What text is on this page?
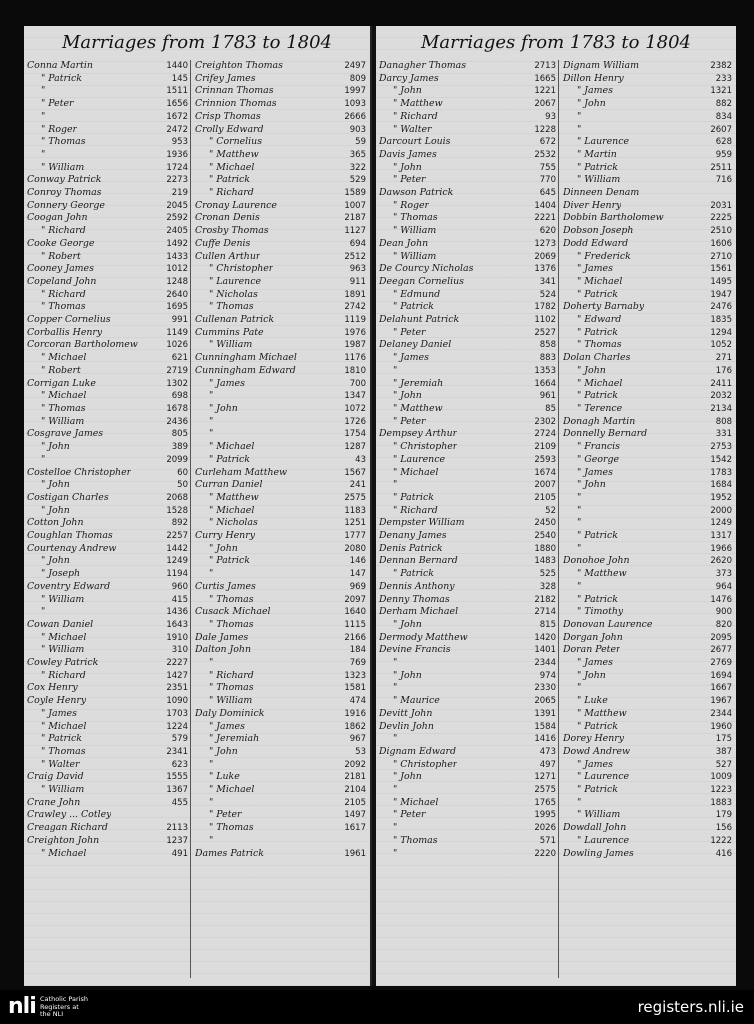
Marriages from 1783 to 1804
Conna Martin	1440
" Patrick	145
"	1511
" Peter	1656
"	1672
" Roger	2472
" Thomas	953
"	1936
" William	1724
Conway Patrick	2273
Conroy Thomas	219
Connery George	2045
Coogan John	2592
" Richard	2405
Cooke George	1492
" Robert	1433
Cooney James	1012
Copeland John	1248
" Richard	2640
" Thomas	1695
Copper Cornelius	991
Corballis Henry	1149
Corcoran Bartholomew	1026
" Michael	621
" Robert	2719
Corrigan Luke	1302
" Michael	698
" Thomas	1678
" William	2436
Cosgrave James	805
" John	389
"	2099
Costelloe Christopher	60
" John	50
Costigan Charles	2068
" John	1528
Cotton John	892
Coughlan Thomas	2257
Courtenay Andrew	1442
" John	1249
" Joseph	1194
Coventry Edward	960
" William	415
"	1436
Cowan Daniel	1643
" Michael	1910
" William	310
Cowley Patrick	2227
" Richard	1427
Cox Henry	2351
Coyle Henry	1090
" James	1703
" Michael	1224
" Patrick	579
" Thomas	2341
" Walter	623
Craig David	1555
" William	1367
Crane John	455
Crawley ... Cotley
Creagan Richard	2113
Creighton John	1237
" Michael	491
Creighton Thomas	2497
Crifey James	809
Crinnan Thomas	1997
Crinnion Thomas	1093
Crisp Thomas	2666
Crolly Edward	903
" Cornelius	59
" Matthew	365
" Michael	322
" Patrick	529
" Richard	1589
Cronay Laurence	1007
Cronan Denis	2187
Crosby Thomas	1127
Cuffe Denis	694
Cullen Arthur	2512
" Christopher	963
" Laurence	911
" Nicholas	1891
" Thomas	2742
Cullenan Patrick	1119
Cummins Pate	1976
" William	1987
Cunningham Michael	1176
Cunningham Edward	1810
" James	700
"	1347
" John	1072
"	1726
"	1754
" Michael	1287
" Patrick	43
Curleham Matthew	1567
Curran Daniel	241
" Matthew	2575
" Michael	1183
" Nicholas	1251
Curry Henry	1777
" John	2080
" Patrick	146
"	147
Curtis James	969
" Thomas	2097
Cusack Michael	1640
" Thomas	1115
Dale James	2166
Dalton John	184
"	769
" Richard	1323
" Thomas	1581
" William	474
Daly Dominick	1916
" James	1862
" Jeremiah	967
" John	53
"	2092
" Luke	2181
" Michael	2104
"	2105
" Peter	1497
" Thomas	1617
"
Dames Patrick	1961
Marriages from 1783 to 1804
Danagher Thomas	2713
Darcy James	1665
" John	1221
" Matthew	2067
" Richard	93
" Walter	1228
Darcourt Louis	672
Davis James	2532
" John	755
" Peter	770
Dawson Patrick	645
" Roger	1404
" Thomas	2221
" William	620
Dean John	1273
" William	2069
De Courcy Nicholas	1376
Deegan Cornelius	341
" Edmund	524
" Patrick	1782
Delahunt Patrick	1102
" Peter	2527
Delaney Daniel	858
" James	883
"	1353
" Jeremiah	1664
" John	961
" Matthew	85
" Peter	2302
Dempsey Arthur	2724
" Christopher	2109
" Laurence	2593
" Michael	1674
"	2007
" Patrick	2105
" Richard	52
Dempster William	2450
Denany James	2540
Denis Patrick	1880
Dennan Bernard	1483
" Patrick	525
Dennis Anthony	328
Denny Thomas	2182
Derham Michael	2714
" John	815
Dermody Matthew	1420
Devine Francis	1401
"	2344
" John	974
"	2330
" Maurice	2065
Devitt John	1391
Devlin John	1584
"	1416
Dignam Edward	473
" Christopher	497
" John	1271
"	2575
" Michael	1765
" Peter	1995
"	2026
" Thomas	571
"	2220
Dignam William	2382
Dillon Henry	233
" James	1321
" John	882
"	834
"	2607
" Laurence	628
" Martin	959
" Patrick	2511
" William	716
Dinneen Denam
Diver Henry	2031
Dobbin Bartholomew	2225
Dobson Joseph	2510
Dodd Edward	1606
" Frederick	2710
" James	1561
" Michael	1495
" Patrick	1947
Doherty Barnaby	2476
" Edward	1835
" Patrick	1294
" Thomas	1052
Dolan Charles	271
" John	176
" Michael	2411
" Patrick	2032
" Terence	2134
Donagh Martin	808
Donnelly Bernard	331
" Francis	2753
" George	1542
" James	1783
" John	1684
"	1952
"	2000
"	1249
" Patrick	1317
"	1966
Donohoe John	2620
" Matthew	373
"	964
" Patrick	1476
" Timothy	900
Donovan Laurence	820
Dorgan John	2095
Doran Peter	2677
" James	2769
" John	1694
"	1667
" Luke	1967
" Matthew	2344
" Patrick	1960
Dorey Henry	175
Dowd Andrew	387
" James	527
" Laurence	1009
" Patrick	1223
"	1883
" William	179
Dowdall John	156
" Laurence	1222
Dowling James	416
nli Catholic Parish
Registers at
the NLI	registers.nli.ie
